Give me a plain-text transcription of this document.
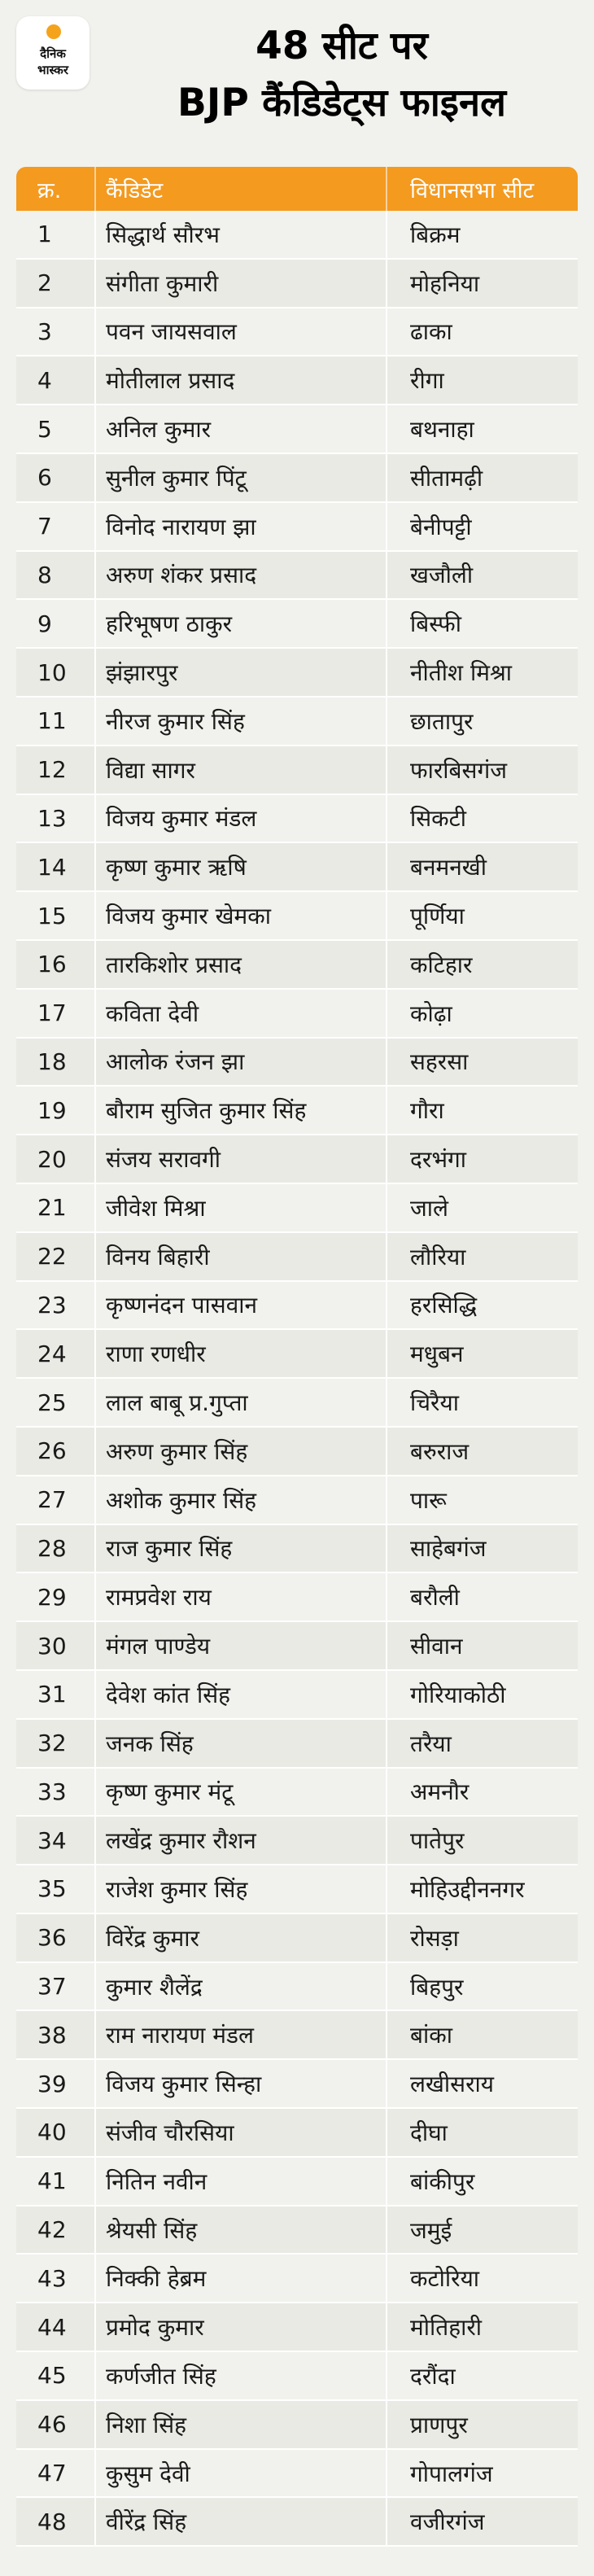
दैनिक
भास्कर
48 सीट पर
BJP कैंडिडेट्स फाइनल
क्र.	कैंडिडेट	विधानसभा सीट
1	सिद्धार्थ सौरभ	बिक्रम
2	संगीता कुमारी	मोहनिया
3	पवन जायसवाल	ढाका
4	मोतीलाल प्रसाद	रीगा
5	अनिल कुमार	बथनाहा
6	सुनील कुमार पिंटू	सीतामढ़ी
7	विनोद नारायण झा	बेनीपट्टी
8	अरुण शंकर प्रसाद	खजौली
9	हरिभूषण ठाकुर	बिस्फी
10	झंझारपुर	नीतीश मिश्रा
11	नीरज कुमार सिंह	छातापुर
12	विद्या सागर	फारबिसगंज
13	विजय कुमार मंडल	सिकटी
14	कृष्ण कुमार ऋषि	बनमनखी
15	विजय कुमार खेमका	पूर्णिया
16	तारकिशोर प्रसाद	कटिहार
17	कविता देवी	कोढ़ा
18	आलोक रंजन झा	सहरसा
19	बौराम सुजित कुमार सिंह	गौरा
20	संजय सरावगी	दरभंगा
21	जीवेश मिश्रा	जाले
22	विनय बिहारी	लौरिया
23	कृष्णनंदन पासवान	हरसिद्धि
24	राणा रणधीर	मधुबन
25	लाल बाबू प्र.गुप्ता	चिरैया
26	अरुण कुमार सिंह	बरुराज
27	अशोक कुमार सिंह	पारू
28	राज कुमार सिंह	साहेबगंज
29	रामप्रवेश राय	बरौली
30	मंगल पाण्डेय	सीवान
31	देवेश कांत सिंह	गोरियाकोठी
32	जनक सिंह	तरैया
33	कृष्ण कुमार मंटू	अमनौर
34	लखेंद्र कुमार रौशन	पातेपुर
35	राजेश कुमार सिंह	मोहिउद्दीननगर
36	विरेंद्र कुमार	रोसड़ा
37	कुमार शैलेंद्र	बिहपुर
38	राम नारायण मंडल	बांका
39	विजय कुमार सिन्हा	लखीसराय
40	संजीव चौरसिया	दीघा
41	नितिन नवीन	बांकीपुर
42	श्रेयसी सिंह	जमुई
43	निक्की हेब्रम	कटोरिया
44	प्रमोद कुमार	मोतिहारी
45	कर्णजीत सिंह	दरौंदा
46	निशा सिंह	प्राणपुर
47	कुसुम देवी	गोपालगंज
48	वीरेंद्र सिंह	वजीरगंज
